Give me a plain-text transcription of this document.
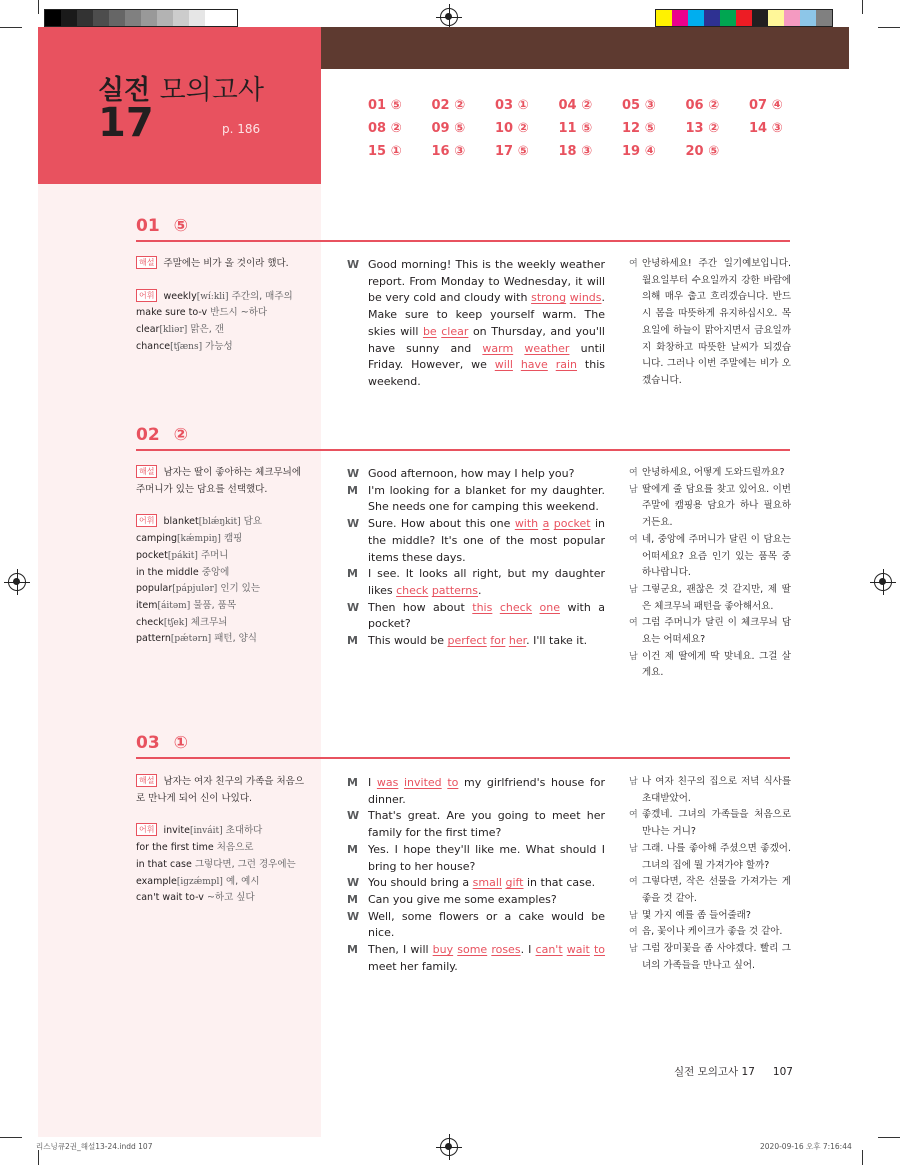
실전 모의고사
17	p. 186
01 ⑤	02 ②	03 ①	04 ②	05 ③	06 ②	07 ④
08 ②	09 ⑤	10 ②	11 ⑤	12 ⑤	13 ②	14 ③
15 ①	16 ③	17 ⑤	18 ③	19 ④	20 ⑤
01 ⑤
해설 주말에는 비가 올 것이라 했다.
어휘 weekly[wíːkli] 주간의, 매주의
make sure to-v 반드시 ~하다
clear[kliər] 맑은, 갠
chance[tʃæns] 가능성
W Good morning! This is the weekly weather report. From Monday to Wednesday, it will be very cold and cloudy with strong winds. Make sure to keep yourself warm. The skies will be clear on Thursday, and you'll have sunny and warm weather until Friday. However, we will have rain this weekend.
여 안녕하세요! 주간 일기예보입니다. 월요일부터 수요일까지 강한 바람에 의해 매우 춥고 흐리겠습니다. 반드시 몸을 따뜻하게 유지하십시오. 목요일에 하늘이 맑아지면서 금요일까지 화창하고 따뜻한 날씨가 되겠습니다. 그러나 이번 주말에는 비가 오겠습니다.
02 ②
해설 남자는 딸이 좋아하는 체크무늬에 주머니가 있는 담요를 선택했다.
어휘 blanket[blǽŋkit] 담요
camping[kǽmpiŋ] 캠핑
pocket[pákit] 주머니
in the middle 중앙에
popular[pápjulər] 인기 있는
item[áitəm] 물품, 품목
check[tʃek] 체크무늬
pattern[pǽtərn] 패턴, 양식
W Good afternoon, how may I help you?
M I'm looking for a blanket for my daughter. She needs one for camping this weekend.
W Sure. How about this one with a pocket in the middle? It's one of the most popular items these days.
M I see. It looks all right, but my daughter likes check patterns.
W Then how about this check one with a pocket?
M This would be perfect for her. I'll take it.
여 안녕하세요, 어떻게 도와드릴까요?
남 딸에게 줄 담요를 찾고 있어요. 이번 주말에 캠핑용 담요가 하나 필요하거든요.
여 네, 중앙에 주머니가 달린 이 담요는 어떠세요? 요즘 인기 있는 품목 중 하나랍니다.
남 그렇군요, 괜찮은 것 같지만, 제 딸은 체크무늬 패턴을 좋아해서요.
여 그럼 주머니가 달린 이 체크무늬 담요는 어떠세요?
남 이건 제 딸에게 딱 맞네요. 그걸 살게요.
03 ①
해설 남자는 여자 친구의 가족을 처음으로 만나게 되어 신이 나있다.
어휘 invite[inváit] 초대하다
for the first time 처음으로
in that case 그렇다면, 그런 경우에는
example[igzǽmpl] 예, 예시
can't wait to-v ~하고 싶다
M I was invited to my girlfriend's house for dinner.
W That's great. Are you going to meet her family for the first time?
M Yes. I hope they'll like me. What should I bring to her house?
W You should bring a small gift in that case.
M Can you give me some examples?
W Well, some flowers or a cake would be nice.
M Then, I will buy some roses. I can't wait to meet her family.
남 나 여자 친구의 집으로 저녁 식사를 초대받았어.
여 좋겠네. 그녀의 가족들을 처음으로 만나는 거니?
남 그래. 나를 좋아해 주셨으면 좋겠어. 그녀의 집에 뭘 가져가야 할까?
여 그렇다면, 작은 선물을 가져가는 게 좋을 것 같아.
남 몇 가지 예를 좀 들어줄래?
여 음, 꽃이나 케이크가 좋을 것 같아.
남 그럼 장미꽃을 좀 사야겠다. 빨리 그녀의 가족들을 만나고 싶어.
실전 모의고사 17 107
리스닝큐2권_해설13-24.indd 107	2020-09-16 오후 7:16:44
